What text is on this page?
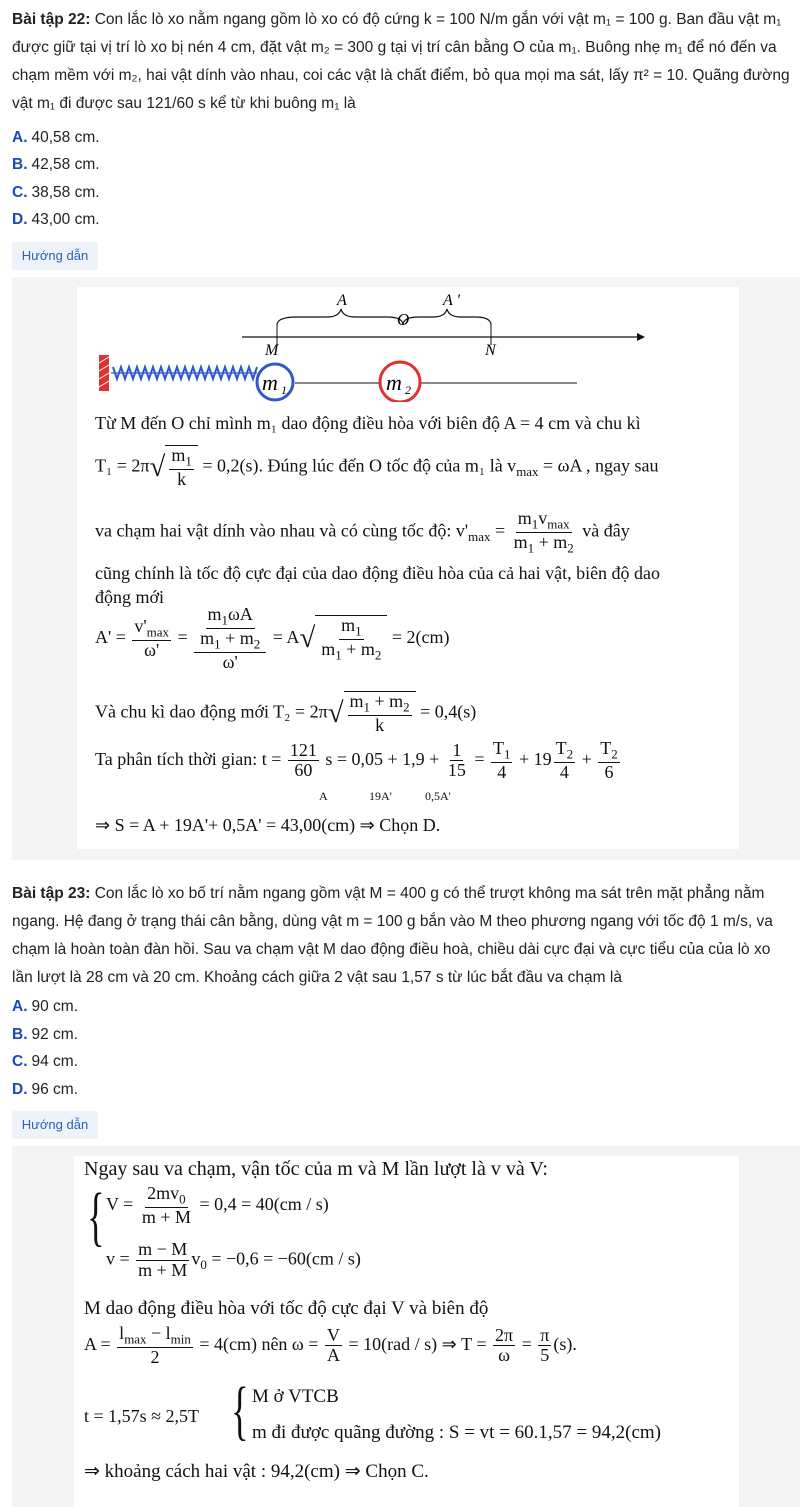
Bài tập 22: Con lắc lò xo nằm ngang gồm lò xo có độ cứng k = 100 N/m gắn với vật m₁ = 100 g. Ban đầu vật m₁ được giữ tại vị trí lò xo bị nén 4 cm, đặt vật m₂ = 300 g tại vị trí cân bằng O của m₁. Buông nhẹ m₁ để nó đến va chạm mềm với m₂, hai vật dính vào nhau, coi các vật là chất điểm, bỏ qua mọi ma sát, lấy π² = 10. Quãng đường vật m₁ đi được sau 121/60 s kể từ khi buông m₁ là
A. 40,58 cm.
B. 42,58 cm.
C. 38,58 cm.
D. 43,00 cm.
Hướng dẫn
A	A '
O
M	N
m 1	m 2
Từ M đến O chỉ mình m₁ dao động điều hòa với biên độ A = 4 cm và chu kì
T₁ = 2π √ $\frac{m_1}{k} = 0,2(s)$. Đúng lúc đến O tốc độ của m₁ là $v_{max} = \omega A$ , ngay sau
va chạm hai vật dính vào nhau và có cùng tốc độ: $v'_{max} = \frac{m_1v_{max}}{m_1 + m_2}$ và đây
cũng chính là tốc độ cực đại của dao động điều hòa của cả hai vật, biên độ dao
động mới
$A' = \frac{v'_{max}}{\omega'} = \frac{\frac{m_1\omega A}{m_1 + m_2}}{\omega'} = A$ √ $\frac{m_1}{m_1 + m_2} = 2(cm)$
Và chu kì dao động mới T₂ = 2π √ $\frac{m_1 + m_2}{k} = 0,4(s)$
Ta phân tích thời gian: $t = \frac{121}{60}$ $s = 0,05 + 1,9 + \frac{1}{15} = \frac{T_1}{4} + 19 \frac{T_2}{4} + \frac{T_2}{6}$
A	19A'	0,5A'
⇒ S = A + 19A'+ 0,5A' = 43,00(cm) ⇒ Chọn D.
Bài tập 23: Con lắc lò xo bố trí nằm ngang gồm vật M = 400 g có thể trượt không ma sát trên mặt phẳng nằm ngang. Hệ đang ở trạng thái cân bằng, dùng vật m = 100 g bắn vào M theo phương ngang với tốc độ 1 m/s, va chạm là hoàn toàn đàn hồi. Sau va chạm vật M dao động điều hoà, chiều dài cực đại và cực tiểu của của lò xo lần lượt là 28 cm và 20 cm. Khoảng cách giữa 2 vật sau 1,57 s từ lúc bắt đầu va chạm là
A. 90 cm.
B. 92 cm.
C. 94 cm.
D. 96 cm.
Hướng dẫn
Ngay sau va chạm, vận tốc của m và M lần lượt là v và V:
{ $V = \frac{2mv_0}{m + M} = 0,4 = 40(cm / s)$
$v = \frac{m - M}{m + M} v_0 = -0,6 = -60(cm / s)$
M dao động điều hòa với tốc độ cực đại V và biên độ
$A = \frac{l_{max} - l_{min}}{2} = 4(cm)$ nên $\omega = \frac{V}{A} = 10(rad / s)$ ⇒ $T = \frac{2\pi}{\omega} = \frac{\pi}{5} (s)$.
t = 1,57s ≈ 2,5T { M ở VTCB
m đi được quãng đường : S = vt = 60.1,57 = 94,2(cm)
⇒ khoảng cách hai vật : 94,2(cm) ⇒ Chọn C.
